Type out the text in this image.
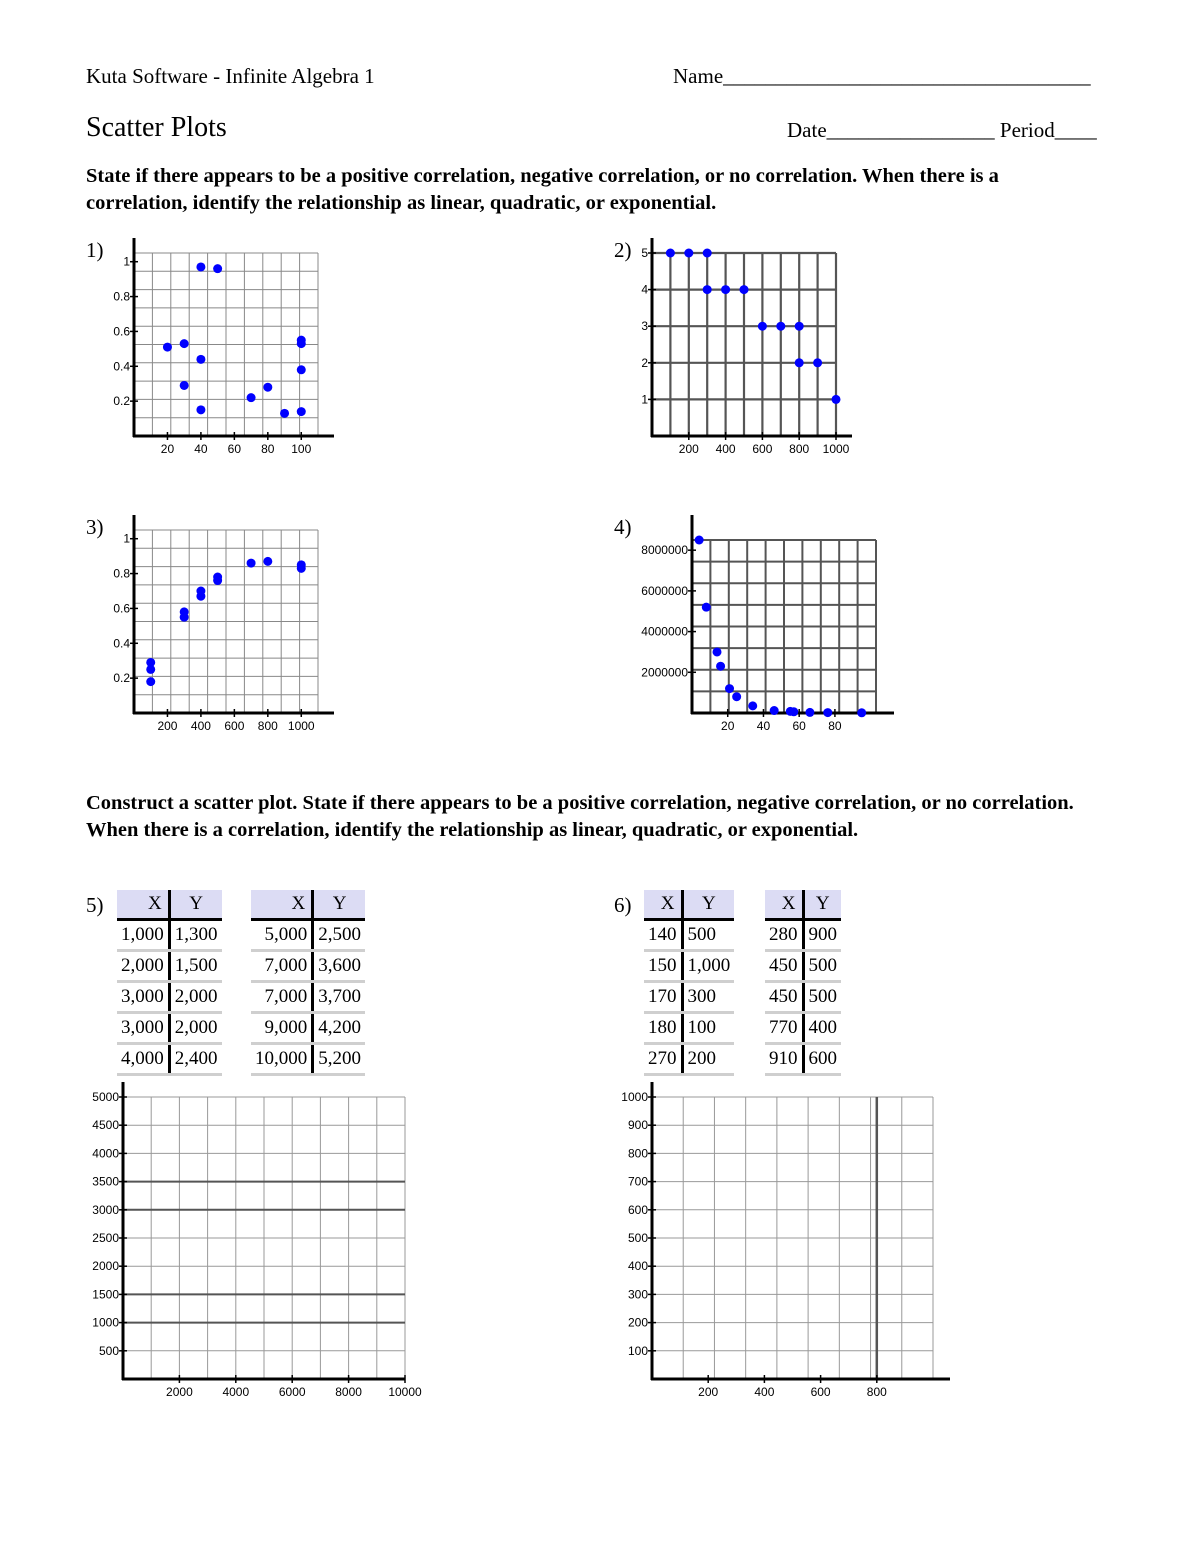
Kuta Software - Infinite Algebra 1	Name___________________________________
Scatter Plots	Date________________ Period____
State if there appears to be a positive correlation, negative correlation, or no correlation. When there is a correlation, identify the relationship as linear, quadratic, or exponential.
1)	2)
3)	4)
20 40 60 80 100
0.2
0.4
0.6
0.8
1
200 400 600 800 1000
1
2
3
4
5
200 400 600 800 1000
0.2
0.4
0.6
0.8
1
20 40 60 80
2000000
4000000
6000000
8000000
Construct a scatter plot. State if there appears to be a positive correlation, negative correlation, or no correlation. When there is a correlation, identify the relationship as linear, quadratic, or exponential.
5)	6)
X	Y
1,000	1,300
2,000	1,500
3,000	2,000
3,000	2,000
4,000	2,400
X	Y
5,000	2,500
7,000	3,600
7,000	3,700
9,000	4,200
10,000	5,200
X	Y
140	500
150	1,000
170	300
180	100
270	200
X	Y
280	900
450	500
450	500
770	400
910	600
2000 4000 6000 8000 10000
500
1000
1500
2000
2500
3000
3500
4000
4500
5000
200	400	600	800
100
200
300
400
500
600
700
800
900
1000
